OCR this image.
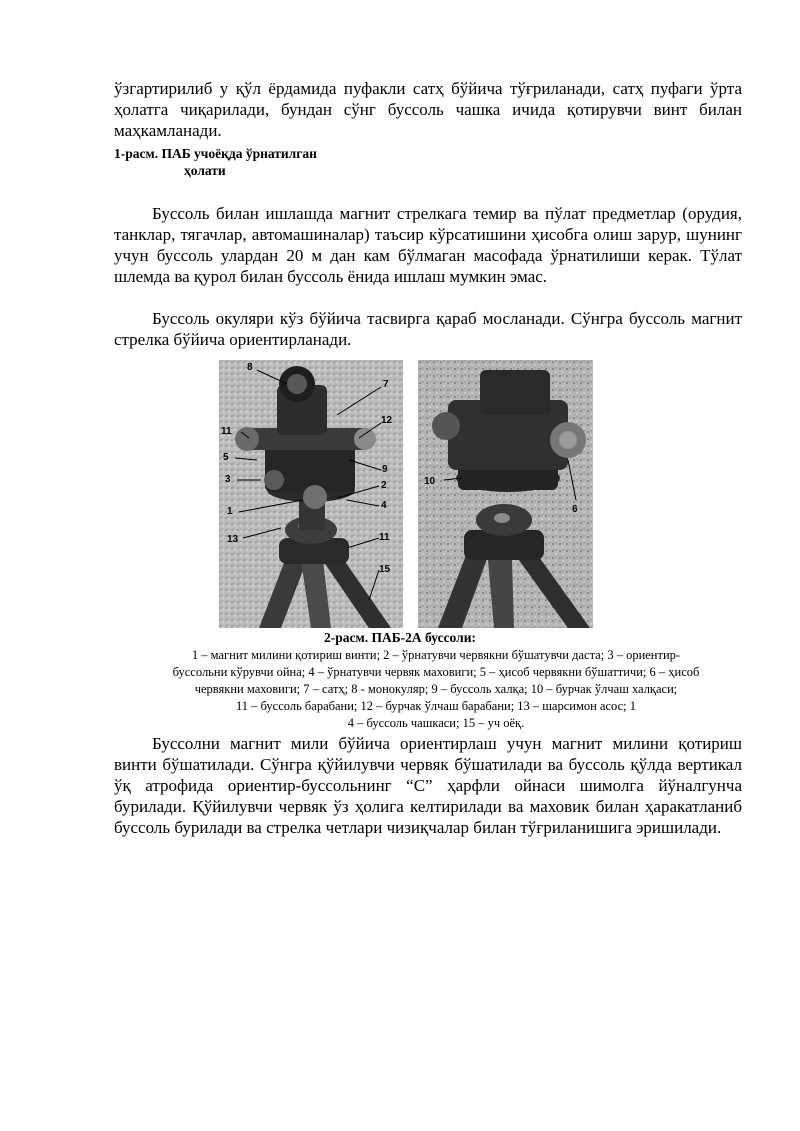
ўзгартирилиб у қўл ёрдамида пуфакли сатҳ бўйича тўғриланади, сатҳ пуфаги ўрта ҳолатга чиқарилади, бундан сўнг буссоль чашка ичида қотирувчи винт билан маҳкамланади.

1-расм. ПАБ учоёқда ўрнатилган
ҳолати

Буссоль билан ишлашда магнит стрелкага темир ва пўлат предметлар (орудия, танклар, тягачлар, автомашиналар) таъсир кўрсатишини ҳисобга олиш зарур, шунинг учун буссоль улардан 20 м дан кам бўлмаган масофада ўрнатилиши керак. Тўлат шлемда ва қурол билан буссоль ёнида ишлаш мумкин эмас.

Буссоль окуляри кўз бўйича тасвирга қараб мосланади. Сўнгра буссоль магнит стрелка бўйича ориентирланади.

8
7
12
11
5
9
3
2
4
1
13	11
15
10
6
2-расм. ПАБ-2А буссоли:
1 – магнит милини қотириш винти; 2 – ўрнатувчи червякни бўшатувчи даста; 3 – ориентир-
буссольни кўрувчи ойна; 4 – ўрнатувчи червяк маховиги; 5 – ҳисоб червякни бўшаттичи; 6 – ҳисоб
червякни маховиги; 7 – сатҳ; 8 - монокуляр; 9 – буссоль халқа; 10 – бурчак ўлчаш халқаси;
11 – буссоль барабани; 12 – бурчак ўлчаш барабани; 13 – шарсимон асос; 1
4 – буссоль чашкаси; 15 – уч оёқ.

Буссолни магнит мили бўйича ориентирлаш учун магнит милини қотириш винти бўшатилади. Сўнгра қўйилувчи червяк бўшатилади ва буссоль қўлда вертикал ўқ атрофида ориентир-буссольнинг “С” ҳарфли ойнаси шимолга йўналгунча бурилади. Қўйилувчи червяк ўз ҳолига келтирилади ва маховик билан ҳаракатланиб буссоль бурилади ва стрелка четлари чизиқчалар билан тўғриланишига эришилади.
